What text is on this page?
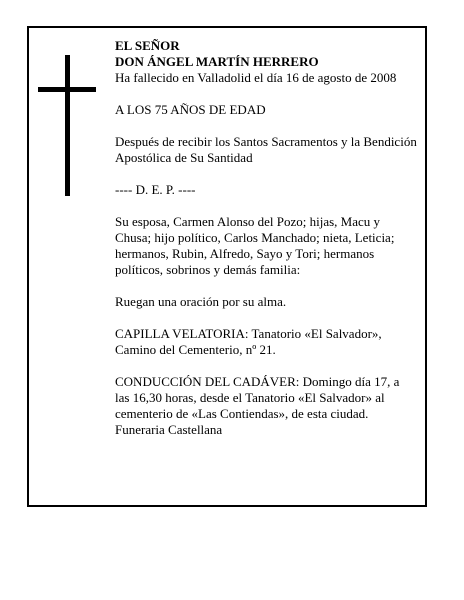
EL SEÑOR

DON ÁNGEL MARTÍN HERRERO

Ha fallecido en Valladolid el día 16 de agosto de 2008

A LOS 75 AÑOS DE EDAD

Después de recibir los Santos Sacramentos y la Bendición Apostólica de Su Santidad

---- D. E. P. ----

Su esposa, Carmen Alonso del Pozo; hijas, Macu y Chusa; hijo político, Carlos Manchado; nieta, Leticia; hermanos, Rubin, Alfredo, Sayo y Tori; hermanos políticos, sobrinos y demás familia:

Ruegan una oración por su alma.

CAPILLA VELATORIA: Tanatorio «El Salvador», Camino del Cementerio, nº 21.

CONDUCCIÓN DEL CADÁVER: Domingo día 17, a las 16,30 horas, desde el Tanatorio «El Salvador» al cementerio de «Las Contiendas», de esta ciudad.

Funeraria Castellana
